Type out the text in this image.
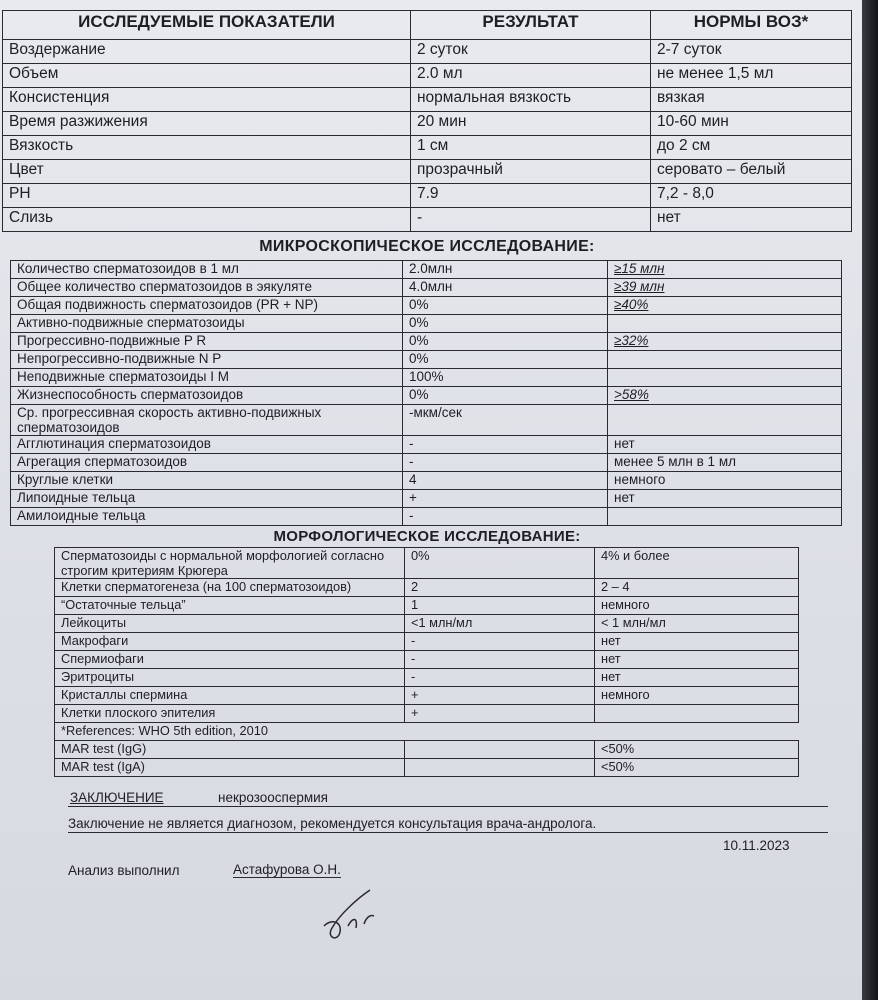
ИССЛЕДУЕМЫЕ ПОКАЗАТЕЛИ	РЕЗУЛЬТАТ	НОРМЫ ВОЗ*
Воздержание	2 суток	2-7 суток
Объем	2.0 мл	не менее 1,5 мл
Консистенция	нормальная вязкость	вязкая
Время разжижения	20 мин	10-60 мин
Вязкость	1 см	до 2 см
Цвет	прозрачный	серовато – белый
PH	7.9	7,2 - 8,0
Слизь	-	нет
МИКРОСКОПИЧЕСКОЕ ИССЛЕДОВАНИЕ:
Количество сперматозоидов в 1 мл	2.0млн	≥15 млн
Общее количество сперматозоидов в эякуляте	4.0млн	≥39 млн
Общая подвижность сперматозоидов (PR + NP)	0%	≥40%
Активно-подвижные сперматозоиды	0%	
Прогрессивно-подвижные P R	0%	≥32%
Непрогрессивно-подвижные N P	0%	
Неподвижные сперматозоиды I M	100%	
Жизнеспособность сперматозоидов	0%	>58%
Ср. прогрессивная скорость активно-подвижных сперматозоидов	-мкм/сек	
Агглютинация сперматозоидов	-	нет
Агрегация сперматозоидов	-	менее 5 млн в 1 мл
Круглые клетки	4	немного
Липоидные тельца	+	нет
Амилоидные тельца	-	
МОРФОЛОГИЧЕСКОЕ ИССЛЕДОВАНИЕ:
Сперматозоиды с нормальной морфологией согласно строгим критериям Крюгера	0%	4% и более
Клетки сперматогенеза (на 100 сперматозоидов)	2	2 – 4
“Остаточные тельца”	1	немного
Лейкоциты	<1 млн/мл	< 1 млн/мл
Макрофаги	-	нет
Спермиофаги	-	нет
Эритроциты	-	нет
Кристаллы спермина	+	немного
Клетки плоского эпителия	+	
*References: WHO 5th edition, 2010		
MAR test (IgG)		<50%
MAR test (IgA)		<50%
ЗАКЛЮЧЕНИЕ	некрозооспермия
Заключение не является диагнозом, рекомендуется консультация врача-андролога.
10.11.2023
Анализ выполнил	Астафурова О.Н.
